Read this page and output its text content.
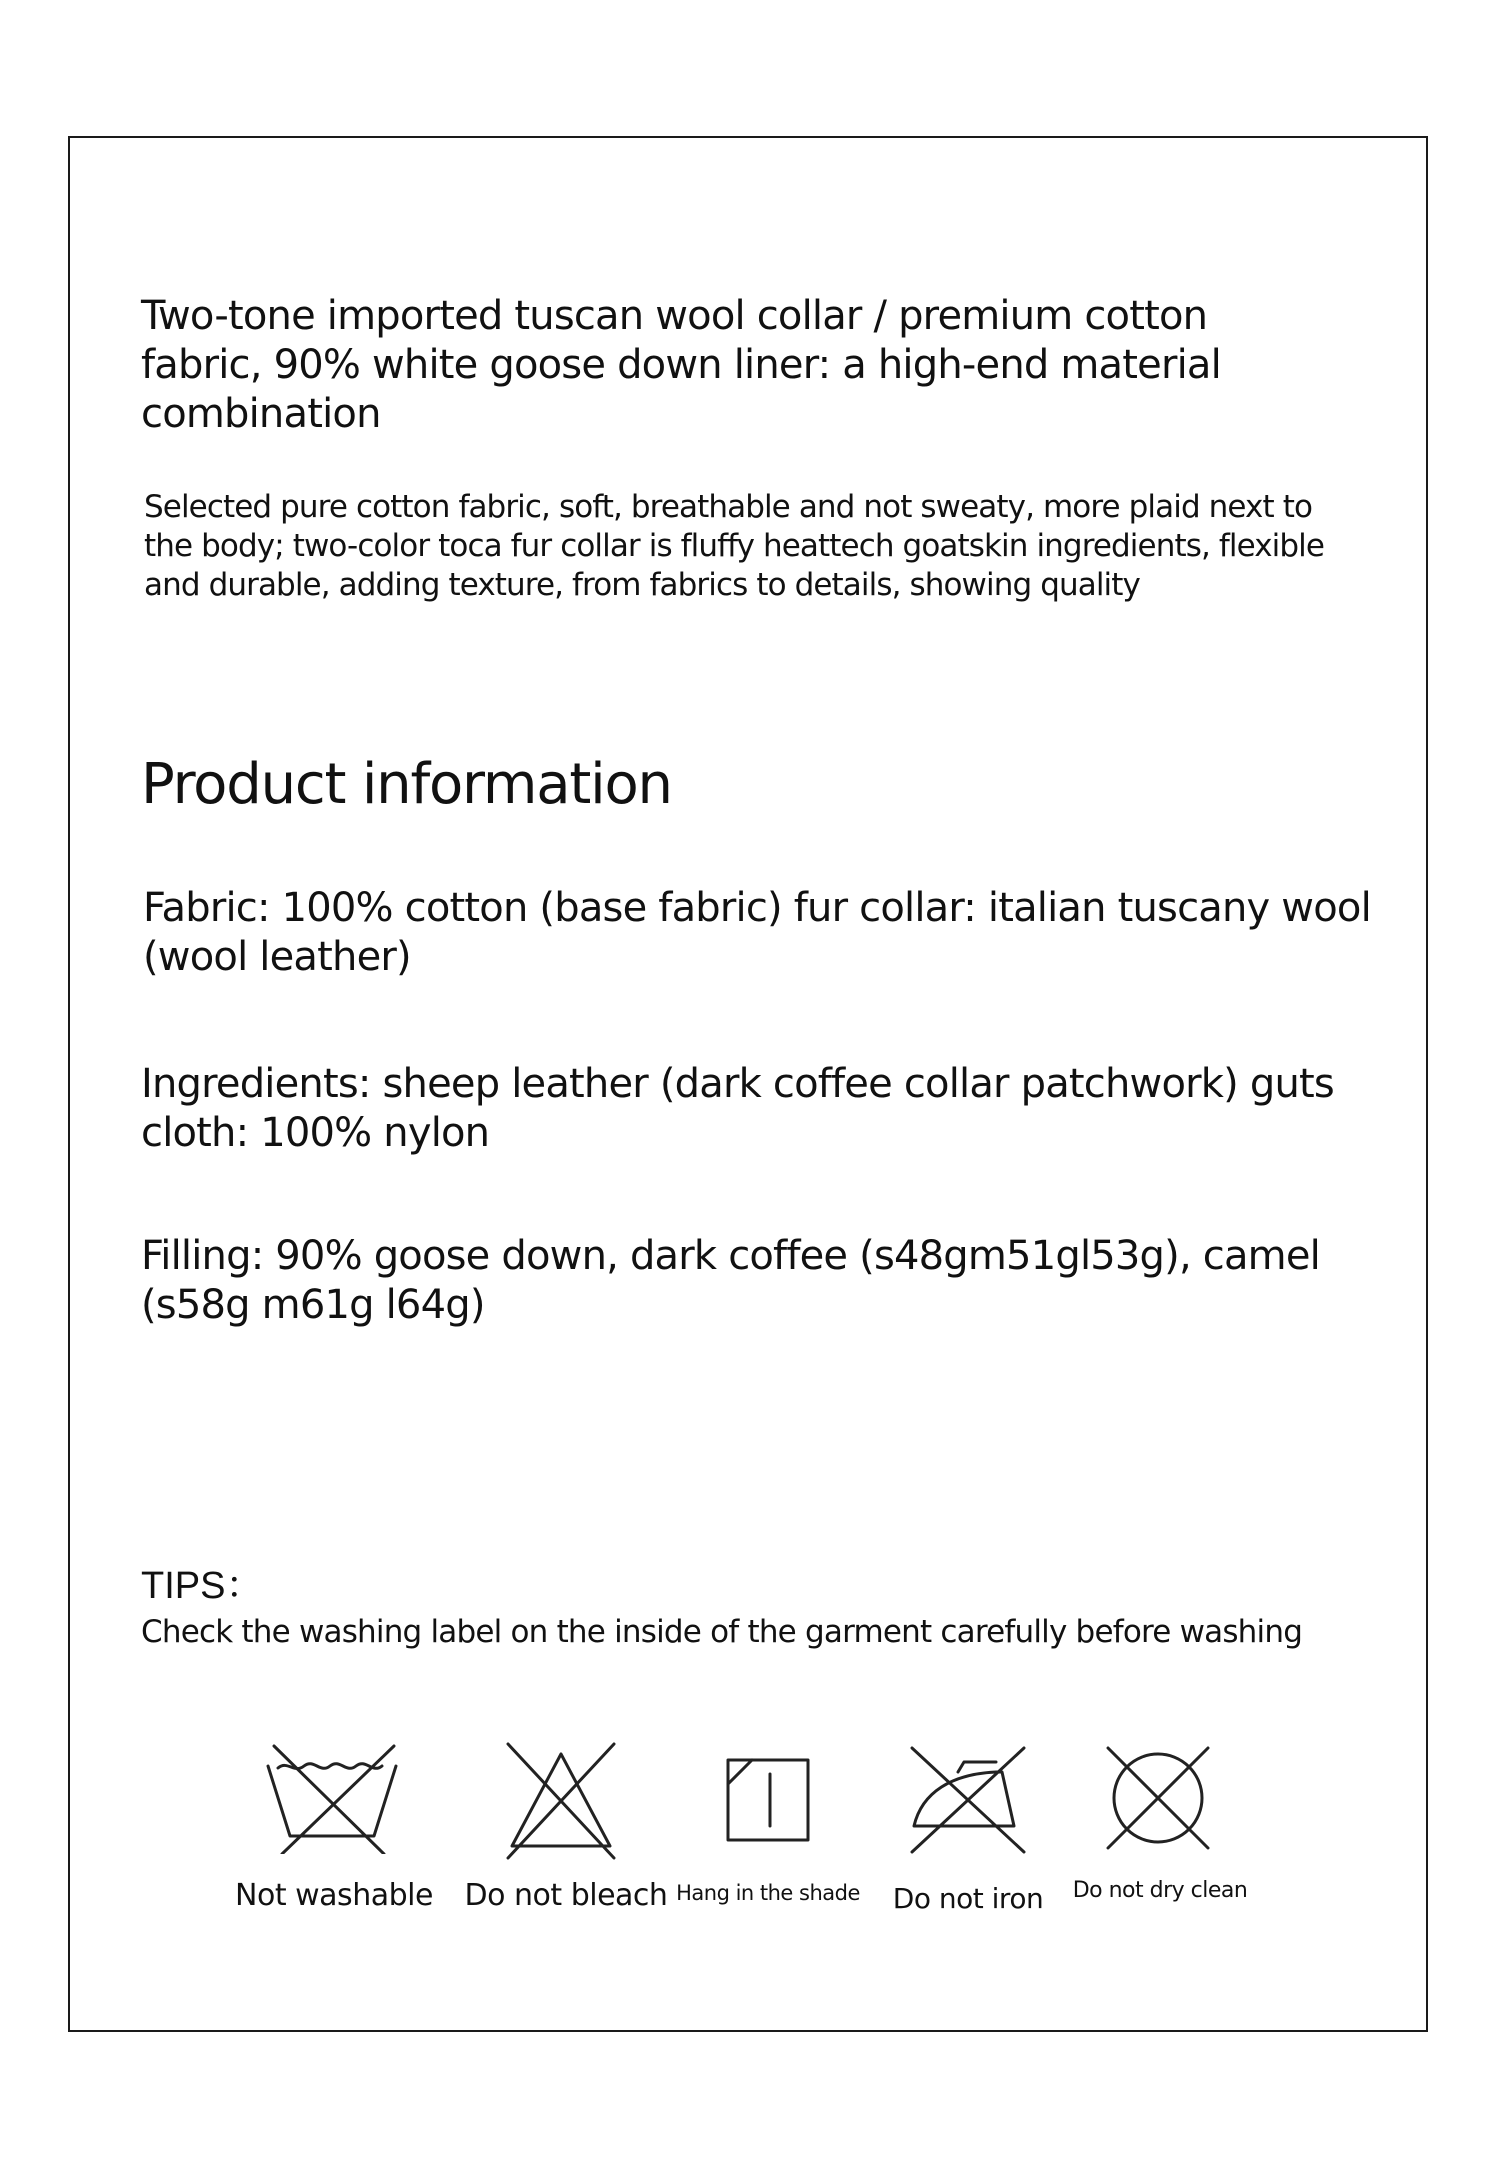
Two-tone imported tuscan wool collar / premium cotton fabric, 90% white goose down liner: a high-end material combination

Selected pure cotton fabric, soft, breathable and not sweaty, more plaid next to the body; two-color toca fur collar is fluffy heattech goatskin ingredients, flexible and durable, adding texture, from fabrics to details, showing quality

Product information

Fabric: 100% cotton (base fabric) fur collar: italian tuscany wool (wool leather)

Ingredients: sheep leather (dark coffee collar patchwork) guts cloth: 100% nylon

Filling: 90% goose down, dark coffee (s48gm51gl53g), camel (s58g m61g l64g)

TIPS：

Check the washing label on the inside of the garment carefully before washing

Not washable	Do not bleach Hang in the shade	Do not iron	Do not dry clean
